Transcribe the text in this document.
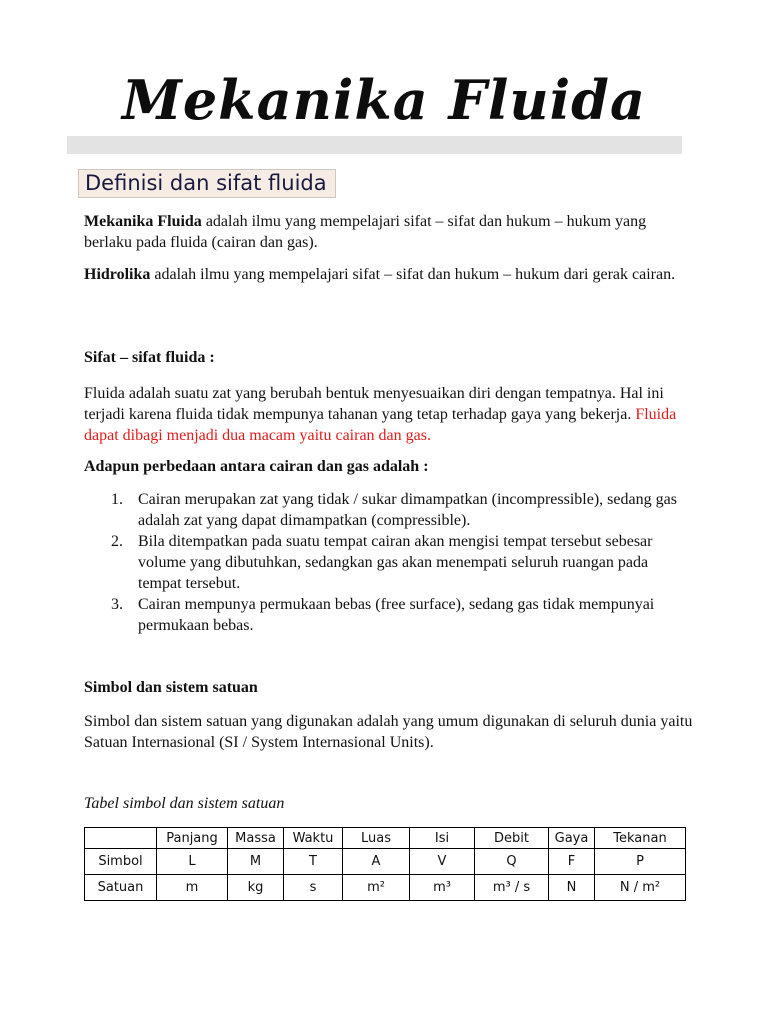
Mekanika Fluida
Definisi dan sifat fluida

Mekanika Fluida adalah ilmu yang mempelajari sifat – sifat dan hukum – hukum yang berlaku pada fluida (cairan dan gas).

Hidrolika adalah ilmu yang mempelajari sifat – sifat dan hukum – hukum dari gerak cairan.

Sifat – sifat fluida :

Fluida adalah suatu zat yang berubah bentuk menyesuaikan diri dengan tempatnya. Hal ini terjadi karena fluida tidak mempunya tahanan yang tetap terhadap gaya yang bekerja. Fluida dapat dibagi menjadi dua macam yaitu cairan dan gas.

Adapun perbedaan antara cairan dan gas adalah :

1. Cairan merupakan zat yang tidak / sukar dimampatkan (incompressible), sedang gas adalah zat yang dapat dimampatkan (compressible).
2. Bila ditempatkan pada suatu tempat cairan akan mengisi tempat tersebut sebesar volume yang dibutuhkan, sedangkan gas akan menempati seluruh ruangan pada tempat tersebut.
3. Cairan mempunya permukaan bebas (free surface), sedang gas tidak mempunyai permukaan bebas.

Simbol dan sistem satuan

Simbol dan sistem satuan yang digunakan adalah yang umum digunakan di seluruh dunia yaitu Satuan Internasional (SI / System Internasional Units).

Tabel simbol dan sistem satuan

	Panjang	Massa	Waktu	Luas	Isi	Debit	Gaya	Tekanan
Simbol	L	M	T	A	V	Q	F	P
Satuan	m	kg	s	m²	m³	m³ / s	N	N / m²
